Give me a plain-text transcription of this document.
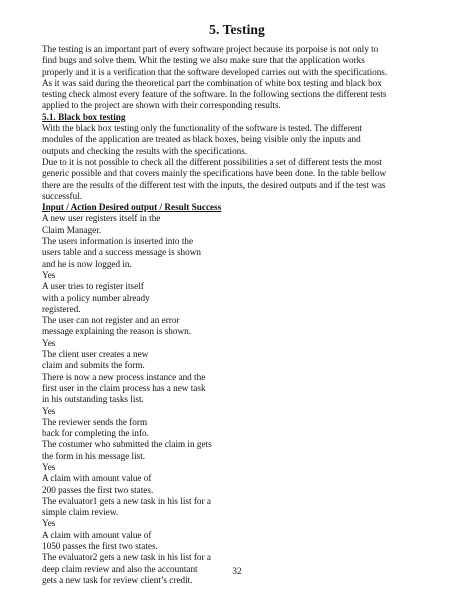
5. Testing
The testing is an important part of every software project because its porpoise is not only to
find bugs and solve them. Whit the testing we also make sure that the application works
properly and it is a verification that the software developed carries out with the specifications.
As it was said during the theoretical part the combination of white box testing and black box
testing check almost every feature of the software. In the following sections the different tests
applied to the project are shown with their corresponding results.
5.1. Black box testing
With the black box testing only the functionality of the software is tested. The different
modules of the application are treated as black boxes, being visible only the inputs and
outputs and checking the results with the specifications.
Due to it is not possible to check all the different possibilities a set of different tests the most
generic possible and that covers mainly the specifications have been done. In the table bellow
there are the results of the different test with the inputs, the desired outputs and if the test was
successful.
Input / Action Desired output / Result Success
A new user registers itself in the
Claim Manager.
The users information is inserted into the
users table and a success message is shown
and he is now logged in.
Yes
A user tries to register itself
with a policy number already
registered.
The user can not register and an error
message explaining the reason is shown.
Yes
The client user creates a new
claim and submits the form.
There is now a new process instance and the
first user in the claim process has a new task
in his outstanding tasks list.
Yes
The reviewer sends the form
back for completing the info.
The costumer who submitted the claim in gets
the form in his message list.
Yes
A claim with amount value of
200 passes the first two states.
The evaluator1 gets a new task in his list for a
simple claim review.
Yes
A claim with amount value of
1050 passes the first two states.
The evaluator2 gets a new task in his list for a
deep claim review and also the accountant
gets a new task for review client’s credit.
32
